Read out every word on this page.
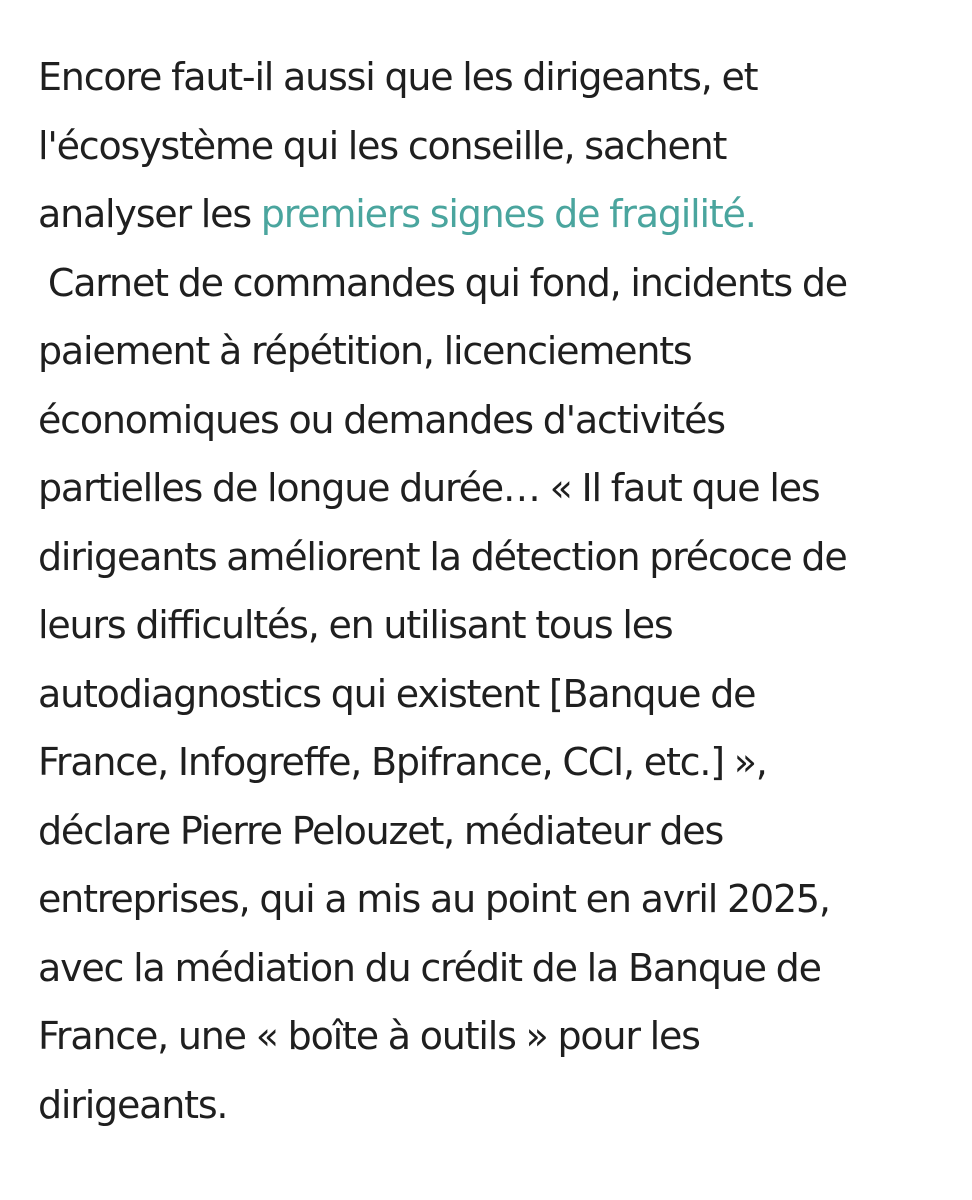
Encore faut-il aussi que les dirigeants, et
l'écosystème qui les conseille, sachent
analyser les premiers signes de fragilité.
Carnet de commandes qui fond, incidents de
paiement à répétition, licenciements
économiques ou demandes d'activités
partielles de longue durée… « Il faut que les
dirigeants améliorent la détection précoce de
leurs difficultés, en utilisant tous les
autodiagnostics qui existent [Banque de
France, Infogreffe, Bpifrance, CCI, etc.] »,
déclare Pierre Pelouzet, médiateur des
entreprises, qui a mis au point en avril 2025,
avec la médiation du crédit de la Banque de
France, une « boîte à outils » pour les
dirigeants.
